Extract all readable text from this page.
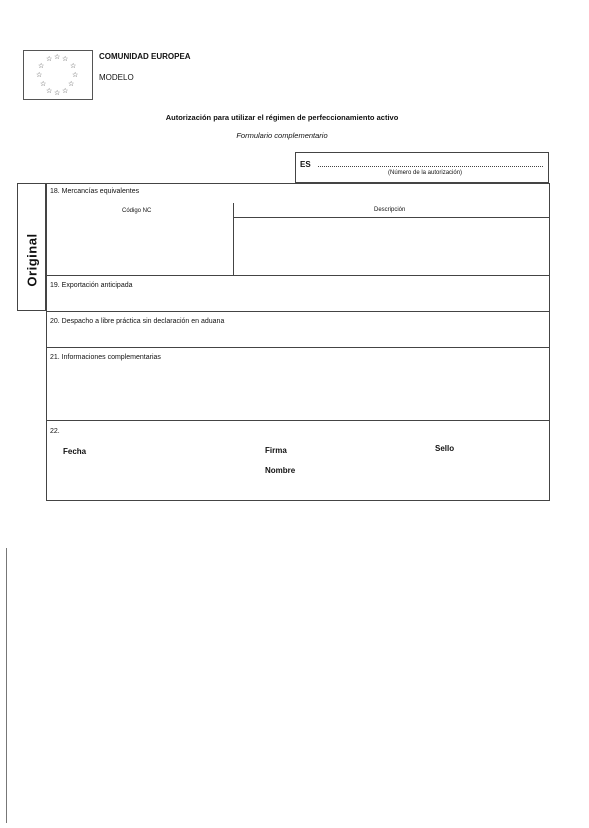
☆ ☆ ☆
☆	☆
☆	☆
☆	☆
☆ ☆ ☆
COMUNIDAD EUROPEA
MODELO
Autorización para utilizar el régimen de perfeccionamiento activo
Formulario complementario
ES
(Número de la autorización)
Original
18. Mercancías equivalentes
Código NC	Descripción
19. Exportación anticipada
20. Despacho a libre práctica sin declaración en aduana
21. Informaciones complementarias
22.
Fecha	Firma	Sello
Nombre
